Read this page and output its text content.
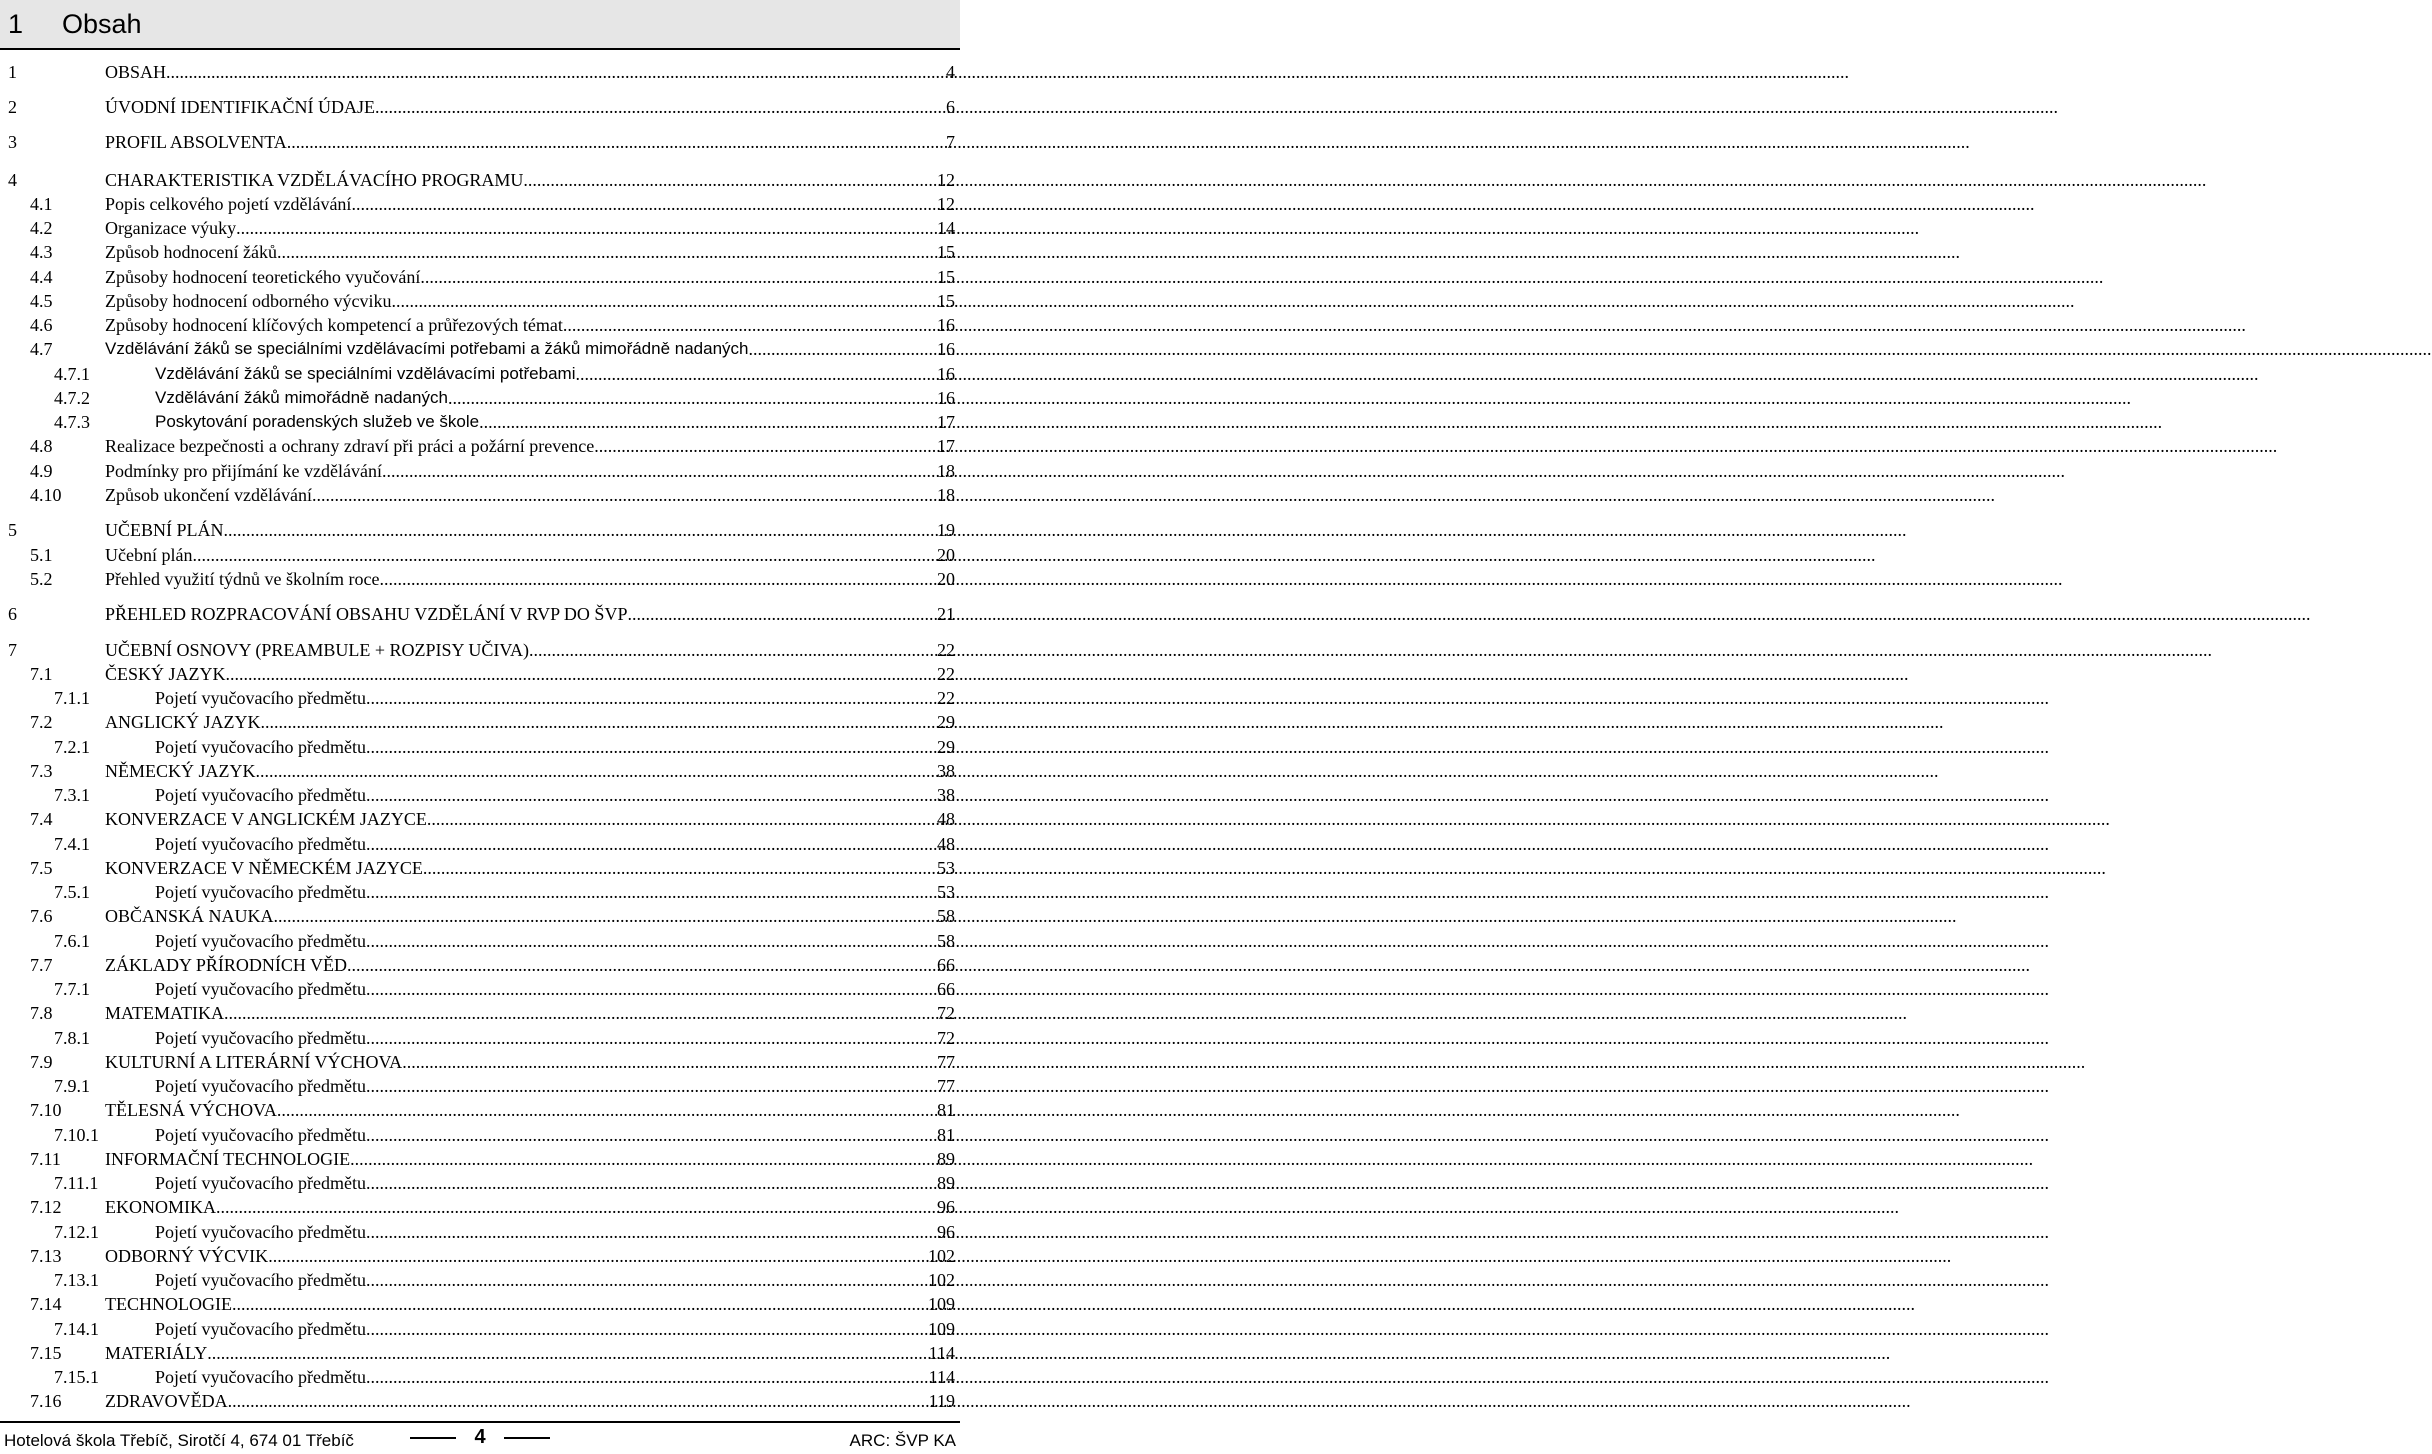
1 Obsah
1	OBSAH .....	4
2	ÚVODNÍ IDENTIFIKAČNÍ ÚDAJE .....	6
3	PROFIL ABSOLVENTA .....	7
4	CHARAKTERISTIKA VZDĚLÁVACÍHO PROGRAMU .....	12
4.1	Popis celkového pojetí vzdělávání .....	12
4.2	Organizace výuky .....	14
4.3	Způsob hodnocení žáků .....	15
4.4	Způsoby hodnocení teoretického vyučování .....	15
4.5	Způsoby hodnocení odborného výcviku .....	15
4.6	Způsoby hodnocení klíčových kompetencí a průřezových témat .....	16
4.7	Vzdělávání žáků se speciálními vzdělávacími potřebami a žáků mimořádně nadaných .....	16
4.7.1	Vzdělávání žáků se speciálními vzdělávacími potřebami .....	16
4.7.2	Vzdělávání žáků mimořádně nadaných .....	16
4.7.3	Poskytování poradenských služeb ve škole .....	17
4.8	Realizace bezpečnosti a ochrany zdraví při práci a požární prevence .....	17
4.9	Podmínky pro přijímání ke vzdělávání .....	18
4.10	Způsob ukončení vzdělávání .....	18
5	UČEBNÍ PLÁN .....	19
5.1	Učební plán .....	20
5.2	Přehled využití týdnů ve školním roce .....	20
6	PŘEHLED ROZPRACOVÁNÍ OBSAHU VZDĚLÁNÍ V RVP DO ŠVP .....	21
7	UČEBNÍ OSNOVY (PREAMBULE + ROZPISY UČIVA) .....	22
7.1	ČESKÝ JAZYK .....	22
7.1.1	Pojetí vyučovacího předmětu .....	22
7.2	ANGLICKÝ JAZYK .....	29
7.2.1	Pojetí vyučovacího předmětu .....	29
7.3	NĚMECKÝ JAZYK .....	38
7.3.1	Pojetí vyučovacího předmětu .....	38
7.4	KONVERZACE V ANGLICKÉM JAZYCE .....	48
7.4.1	Pojetí vyučovacího předmětu .....	48
7.5	KONVERZACE V NĚMECKÉM JAZYCE .....	53
7.5.1	Pojetí vyučovacího předmětu .....	53
7.6	OBČANSKÁ NAUKA .....	58
7.6.1	Pojetí vyučovacího předmětu .....	58
7.7	ZÁKLADY PŘÍRODNÍCH VĚD .....	66
7.7.1	Pojetí vyučovacího předmětu .....	66
7.8	MATEMATIKA .....	72
7.8.1	Pojetí vyučovacího předmětu .....	72
7.9	KULTURNÍ A LITERÁRNÍ VÝCHOVA .....	77
7.9.1	Pojetí vyučovacího předmětu .....	77
7.10	TĚLESNÁ VÝCHOVA .....	81
7.10.1	Pojetí vyučovacího předmětu .....	81
7.11	INFORMAČNÍ TECHNOLOGIE .....	89
7.11.1	Pojetí vyučovacího předmětu .....	89
7.12	EKONOMIKA .....	96
7.12.1	Pojetí vyučovacího předmětu .....	96
7.13	ODBORNÝ VÝCVIK .....	102
7.13.1	Pojetí vyučovacího předmětu .....	102
7.14	TECHNOLOGIE .....	109
7.14.1	Pojetí vyučovacího předmětu .....	109
7.15	MATERIÁLY .....	114
7.15.1	Pojetí vyučovacího předmětu .....	114
7.16	ZDRAVOVĚDA .....	119
Hotelová škola Třebíč, Sirotčí 4, 674 01 Třebíč	4	ARC: ŠVP KA
